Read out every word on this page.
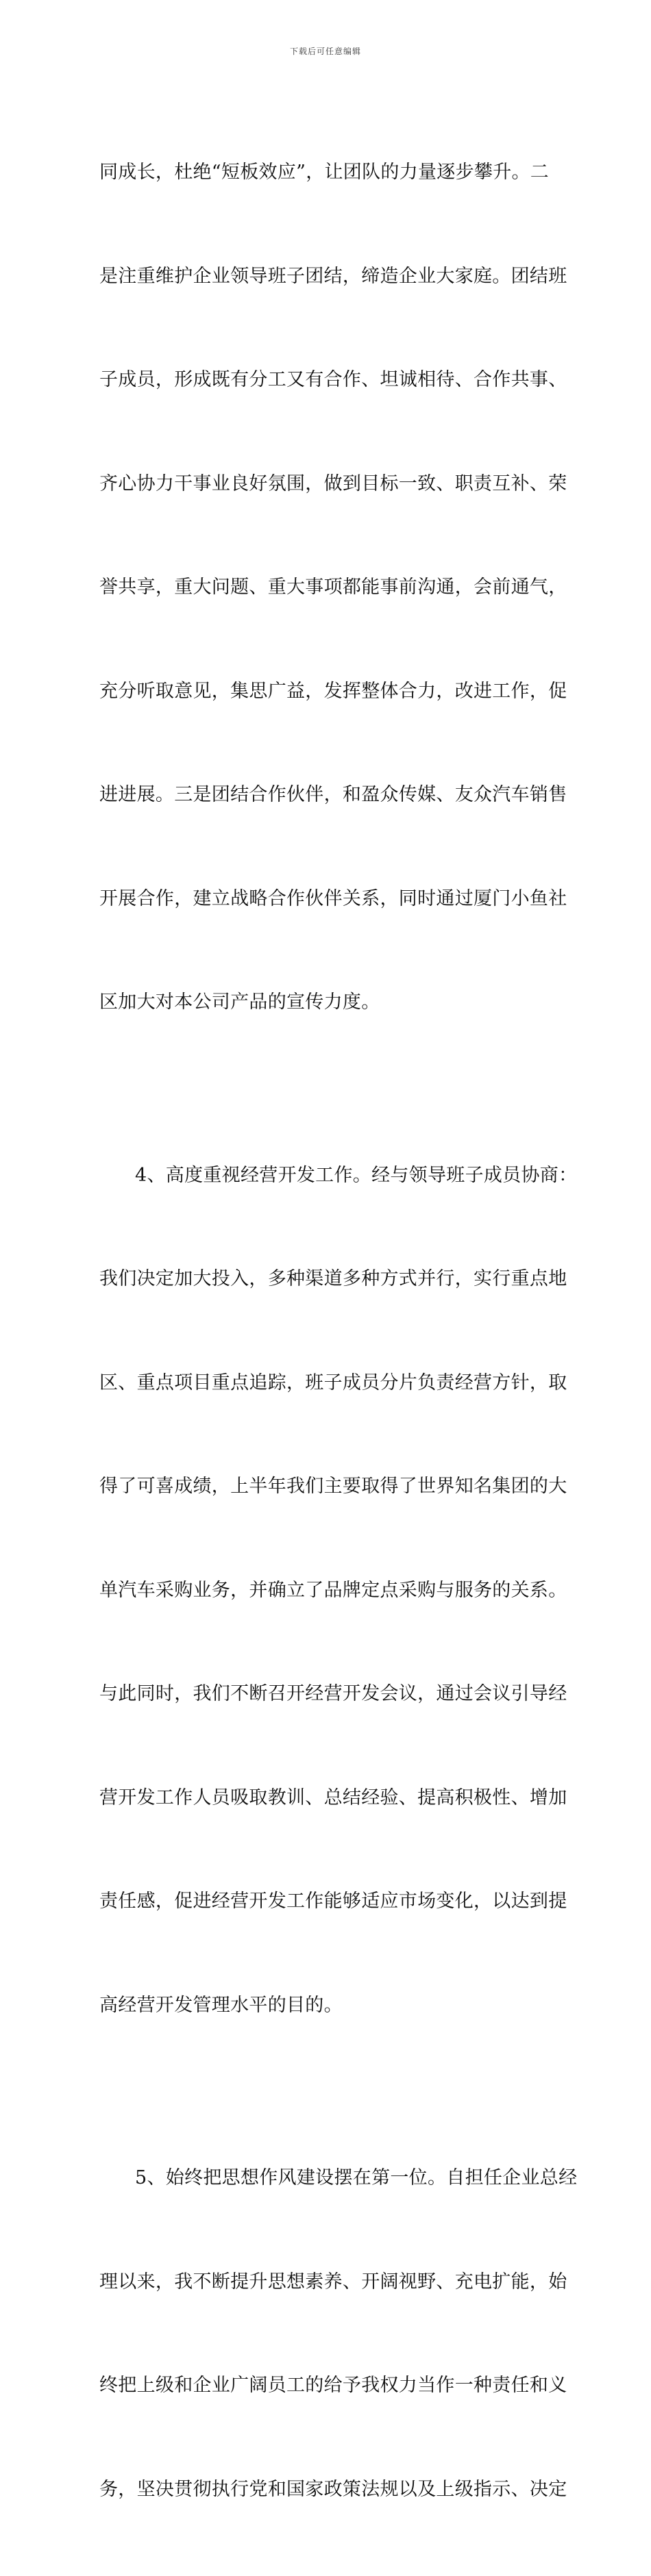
下载后可任意编辑

同成长，杜绝“短板效应”，让团队的力量逐步攀升。二

是注重维护企业领导班子团结，缔造企业大家庭。团结班

子成员，形成既有分工又有合作、坦诚相待、合作共事、

齐心协力干事业良好氛围，做到目标一致、职责互补、荣

誉共享，重大问题、重大事项都能事前沟通，会前通气，

充分听取意见，集思广益，发挥整体合力，改进工作，促

进进展。三是团结合作伙伴，和盈众传媒、友众汽车销售

开展合作，建立战略合作伙伴关系，同时通过厦门小鱼社

区加大对本公司产品的宣传力度。

4、高度重视经营开发工作。经与领导班子成员协商：

我们决定加大投入，多种渠道多种方式并行，实行重点地

区、重点项目重点追踪，班子成员分片负责经营方针，取

得了可喜成绩，上半年我们主要取得了世界知名集团的大

单汽车采购业务，并确立了品牌定点采购与服务的关系。

与此同时，我们不断召开经营开发会议，通过会议引导经

营开发工作人员吸取教训、总结经验、提高积极性、增加

责任感，促进经营开发工作能够适应市场变化，以达到提

高经营开发管理水平的目的。

5、始终把思想作风建设摆在第一位。自担任企业总经

理以来，我不断提升思想素养、开阔视野、充电扩能，始

终把上级和企业广阔员工的给予我权力当作一种责任和义

务，坚决贯彻执行党和国家政策法规以及上级指示、决定
